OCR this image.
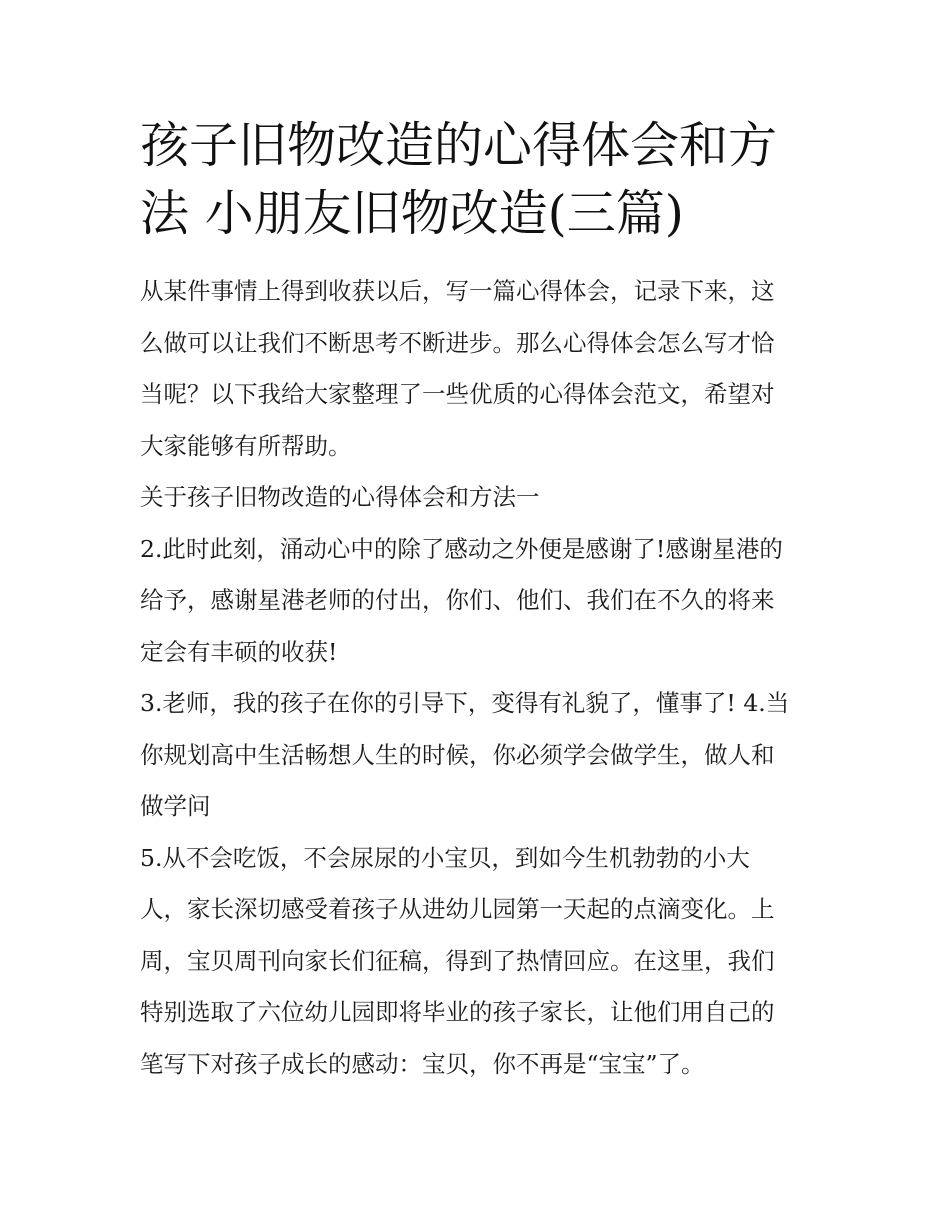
孩子旧物改造的心得体会和方
法 小朋友旧物改造(三篇)

从某件事情上得到收获以后，写一篇心得体会，记录下来，这
么做可以让我们不断思考不断进步。那么心得体会怎么写才恰
当呢？以下我给大家整理了一些优质的心得体会范文，希望对
大家能够有所帮助。

关于孩子旧物改造的心得体会和方法一

2.此时此刻，涌动心中的除了感动之外便是感谢了!感谢星港的
给予，感谢星港老师的付出，你们、他们、我们在不久的将来
定会有丰硕的收获!

3.老师，我的孩子在你的引导下，变得有礼貌了，懂事了! 4.当
你规划高中生活畅想人生的时候，你必须学会做学生，做人和
做学问

5.从不会吃饭，不会尿尿的小宝贝，到如今生机勃勃的小大
人，家长深切感受着孩子从进幼儿园第一天起的点滴变化。上
周，宝贝周刊向家长们征稿，得到了热情回应。在这里，我们
特别选取了六位幼儿园即将毕业的孩子家长，让他们用自己的
笔写下对孩子成长的感动：宝贝，你不再是“宝宝”了。
